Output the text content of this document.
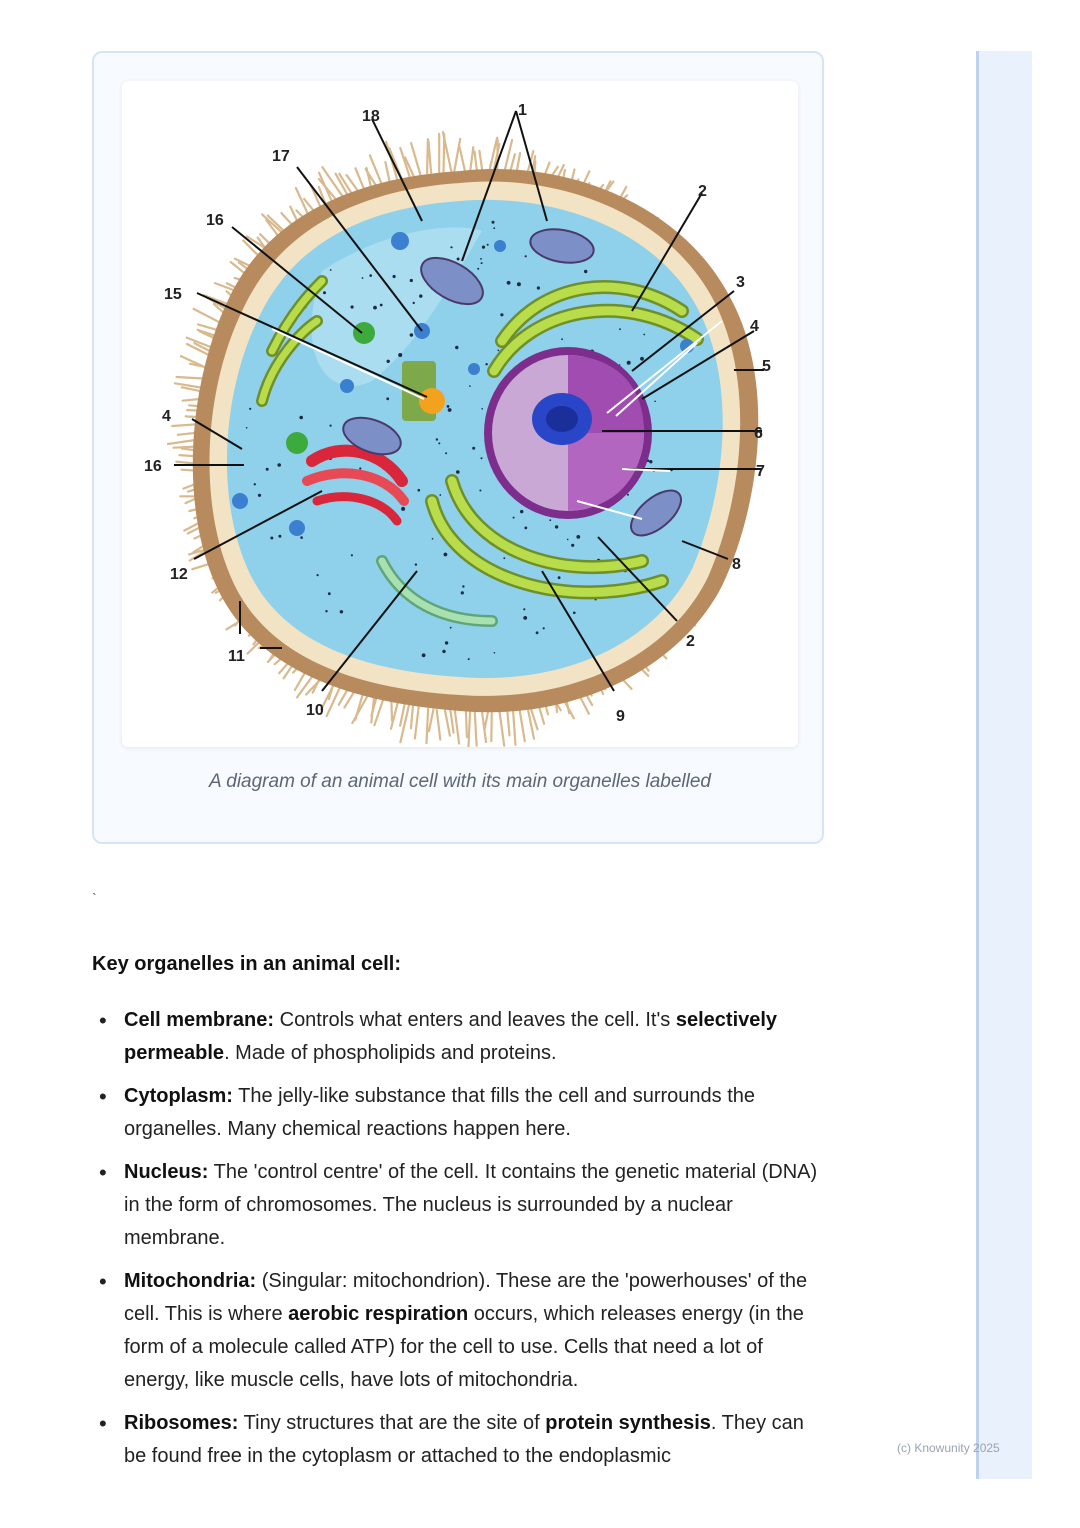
18	1
17
2
16
3
15
4
5
4
6
16	7
8
12
2
11
10	9
A diagram of an animal cell with its main organelles labelled
`
Key organelles in an animal cell:
• Cell membrane: Controls what enters and leaves the cell. It's selectively permeable. Made of phospholipids and proteins.
• Cytoplasm: The jelly-like substance that fills the cell and surrounds the organelles. Many chemical reactions happen here.
• Nucleus: The 'control centre' of the cell. It contains the genetic material (DNA) in the form of chromosomes. The nucleus is surrounded by a nuclear membrane.
• Mitochondria: (Singular: mitochondrion). These are the 'powerhouses' of the cell. This is where aerobic respiration occurs, which releases energy (in the form of a molecule called ATP) for the cell to use. Cells that need a lot of energy, like muscle cells, have lots of mitochondria.
• Ribosomes: Tiny structures that are the site of protein synthesis. They can be found free in the cytoplasm or attached to the endoplasmic	(c) Knowunity 2025
